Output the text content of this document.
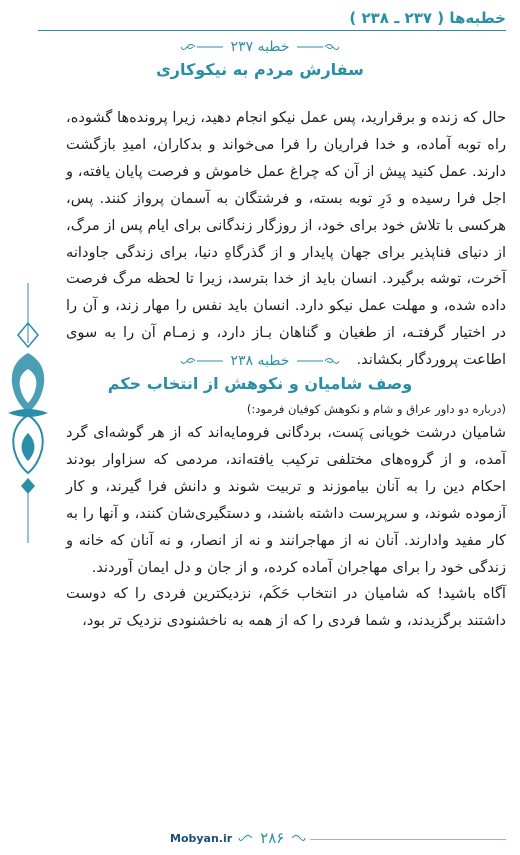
خطبه‌ها ( ۲۳۷ ـ ۲۳۸ )
خطبه ۲۳۷
سفارش مردم به نیکوکاری

حال که زنده و برقرارید، پس عمل نیکو انجام دهید، زیرا پرونده‌ها گشوده، راه توبه آماده، و خدا فراریان را فرا می‌خواند و بدکاران، امیدِ بازگشت دارند. عمل کنید پیش از آن که چراغ عمل خاموش و فرصت پایان یافته، و اجل فرا رسیده و دَرِ توبه بسته، و فرشتگان به آسمان پرواز کنند. پس، هرکسی با تلاش خود برای خود، از روزگار زندگانی برای ایام پس از مرگ، از دنیای فناپذیر برای جهان پایدار و از گذرگاهِ دنیا، برای زندگی جاودانه آخرت، توشه برگیرد. انسان باید از خدا بترسد، زیرا تا لحظه مرگ فرصت داده شده، و مهلت عمل نیکو دارد. انسان باید نفس را مهار زند، و آن را در اختیار گرفتـه، از طغیان و گناهان بـاز دارد، و زمـام آن را به سوی اطاعت پروردگار بکشاند.

خطبه ۲۳۸
وصف شامیان و نکوهش از انتخاب حکم
(درباره دو داور عراق و شام و نکوهش کوفیان فرمود:)

شامیان درشت خویانی پَست، بردگانی فرومایه‌اند که از هر گوشه‌ای گرد آمده، و از گروه‌های مختلفی ترکیب یافته‌اند، مردمی که سزاوار بودند احکام دین را به آنان بیاموزند و تربیت شوند و دانش فرا گیرند، و کار آزموده شوند، و سرپرست داشته باشند، و دستگیری‌شان کنند، و آنها را به کار مفید وادارند. آنان نه از مهاجرانند و نه از انصار، و نه آنان که خانه و زندگی خود را برای مهاجران آماده کرده، و از جان و دل ایمان آوردند.

آگاه باشید! که شامیان در انتخاب حَکَم، نزدیکترین فردی را که دوست داشتند برگزیدند، و شما فردی را که از همه به ناخشنودی نزدیک تر بود،

Mobyan.ir ۲۸۶
